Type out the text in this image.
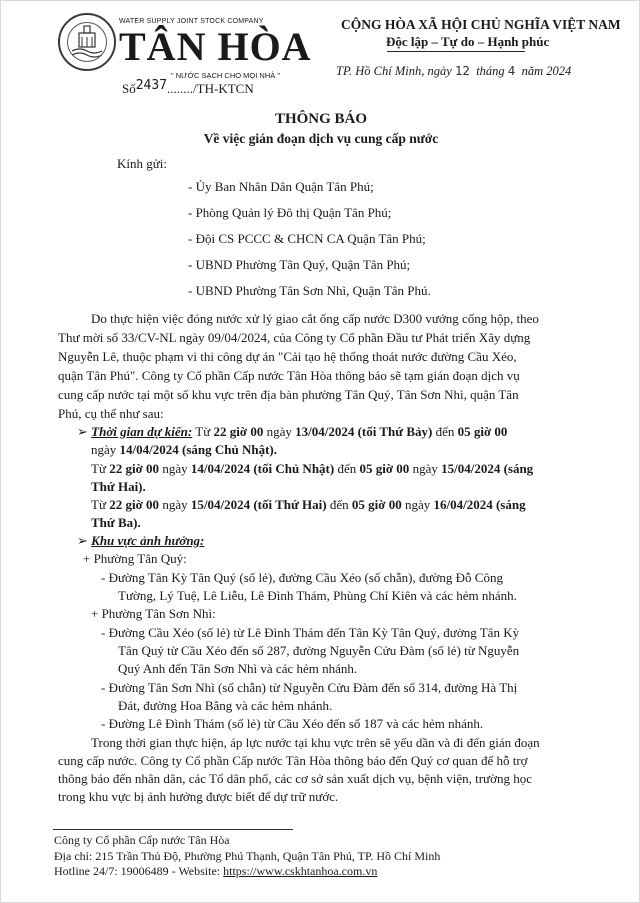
WATER SUPPLY JOINT STOCK COMPANY
TÂN HÒA
" NƯỚC SẠCH CHO MỌI NHÀ "
Số2437......../TH-KTCN
CỘNG HÒA XÃ HỘI CHỦ NGHĨA VIỆT NAM
Độc lập – Tự do – Hạnh phúc
TP. Hồ Chí Minh, ngày 12 tháng 4 năm 2024
THÔNG BÁO
Về việc gián đoạn dịch vụ cung cấp nước
Kính gửi:
- Ủy Ban Nhân Dân Quận Tân Phú;
- Phòng Quản lý Đô thị Quận Tân Phú;
- Đội CS PCCC & CHCN CA Quận Tân Phú;
- UBND Phường Tân Quý, Quận Tân Phú;
- UBND Phường Tân Sơn Nhì, Quận Tân Phú.
Do thực hiện việc đóng nước xử lý giao cắt ống cấp nước D300 vướng cống hộp, theo
Thư mời số 33/CV-NL ngày 09/04/2024, của Công ty Cổ phần Đầu tư Phát triển Xây dựng
Nguyễn Lê, thuộc phạm vi thi công dự án "Cải tạo hệ thống thoát nước đường Cầu Xéo,
quận Tân Phú". Công ty Cổ phần Cấp nước Tân Hòa thông báo sẽ tạm gián đoạn dịch vụ
cung cấp nước tại một số khu vực trên địa bàn phường Tân Quý, Tân Sơn Nhì, quận Tân
Phú, cụ thể như sau:
➢ Thời gian dự kiến: Từ 22 giờ 00 ngày 13/04/2024 (tối Thứ Bảy) đến 05 giờ 00
ngày 14/04/2024 (sáng Chủ Nhật).
Từ 22 giờ 00 ngày 14/04/2024 (tối Chủ Nhật) đến 05 giờ 00 ngày 15/04/2024 (sáng
Thứ Hai).
Từ 22 giờ 00 ngày 15/04/2024 (tối Thứ Hai) đến 05 giờ 00 ngày 16/04/2024 (sáng
Thứ Ba).
➢ Khu vực ảnh hưởng:
+ Phường Tân Quý:
- Đường Tân Kỳ Tân Quý (số lẻ), đường Cầu Xéo (số chẵn), đường Đỗ Công
Tường, Lý Tuệ, Lê Liễu, Lê Đình Thám, Phùng Chí Kiên và các hẻm nhánh.
+ Phường Tân Sơn Nhì:
- Đường Cầu Xéo (số lẻ) từ Lê Đình Thám đến Tân Kỳ Tân Quý, đường Tân Kỳ
Tân Quý từ Cầu Xéo đến số 287, đường Nguyễn Cửu Đàm (số lẻ) từ Nguyễn
Quý Anh đến Tân Sơn Nhì và các hẻm nhánh.
- Đường Tân Sơn Nhì (số chẵn) từ Nguyễn Cửu Đàm đến số 314, đường Hà Thị
Đát, đường Hoa Bằng và các hẻm nhánh.
- Đường Lê Đình Thám (số lẻ) từ Cầu Xéo đến số 187 và các hẻm nhánh.
Trong thời gian thực hiện, áp lực nước tại khu vực trên sẽ yếu dần và đi đến gián đoạn
cung cấp nước. Công ty Cổ phần Cấp nước Tân Hòa thông báo đến Quý cơ quan để hỗ trợ
thông báo đến nhân dân, các Tổ dân phố, các cơ sở sản xuất dịch vụ, bệnh viện, trường học
trong khu vực bị ảnh hưởng được biết để dự trữ nước.
Công ty Cổ phần Cấp nước Tân Hòa
Địa chỉ: 215 Trần Thủ Độ, Phường Phú Thạnh, Quận Tân Phú, TP. Hồ Chí Minh
Hotline 24/7: 19006489 - Website: https://www.cskhtanhoa.com.vn
